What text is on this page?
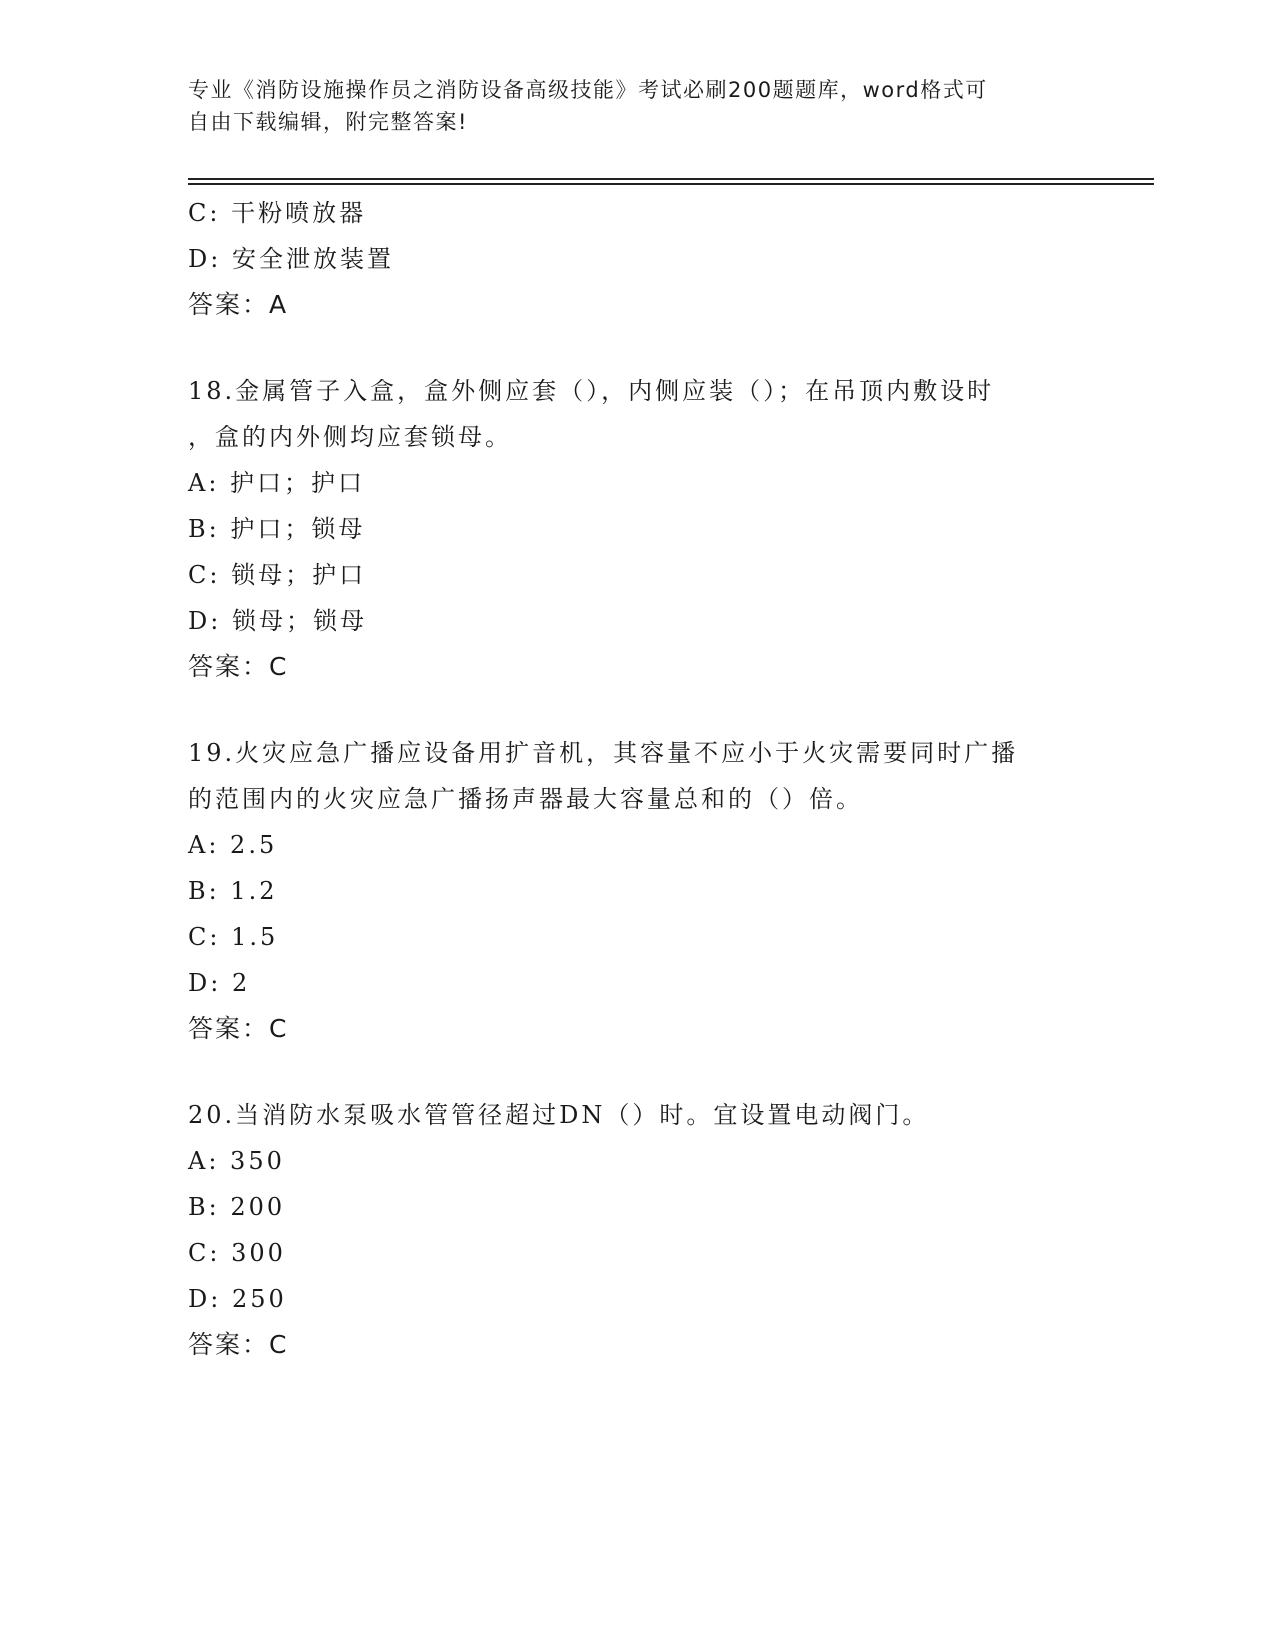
专业《消防设施操作员之消防设备高级技能》考试必刷200题题库，word格式可
自由下载编辑，附完整答案!
C: 干粉喷放器
D: 安全泄放装置
答案：A
18.金属管子入盒，盒外侧应套（），内侧应装（）；在吊顶内敷设时
，盒的内外侧均应套锁母。
A: 护口；护口
B: 护口；锁母
C: 锁母；护口
D: 锁母；锁母
答案：C
19.火灾应急广播应设备用扩音机，其容量不应小于火灾需要同时广播
的范围内的火灾应急广播扬声器最大容量总和的（）倍。
A: 2.5
B: 1.2
C: 1.5
D: 2
答案：C
20.当消防水泵吸水管管径超过DN（）时。宜设置电动阀门。
A: 350
B: 200
C: 300
D: 250
答案：C
